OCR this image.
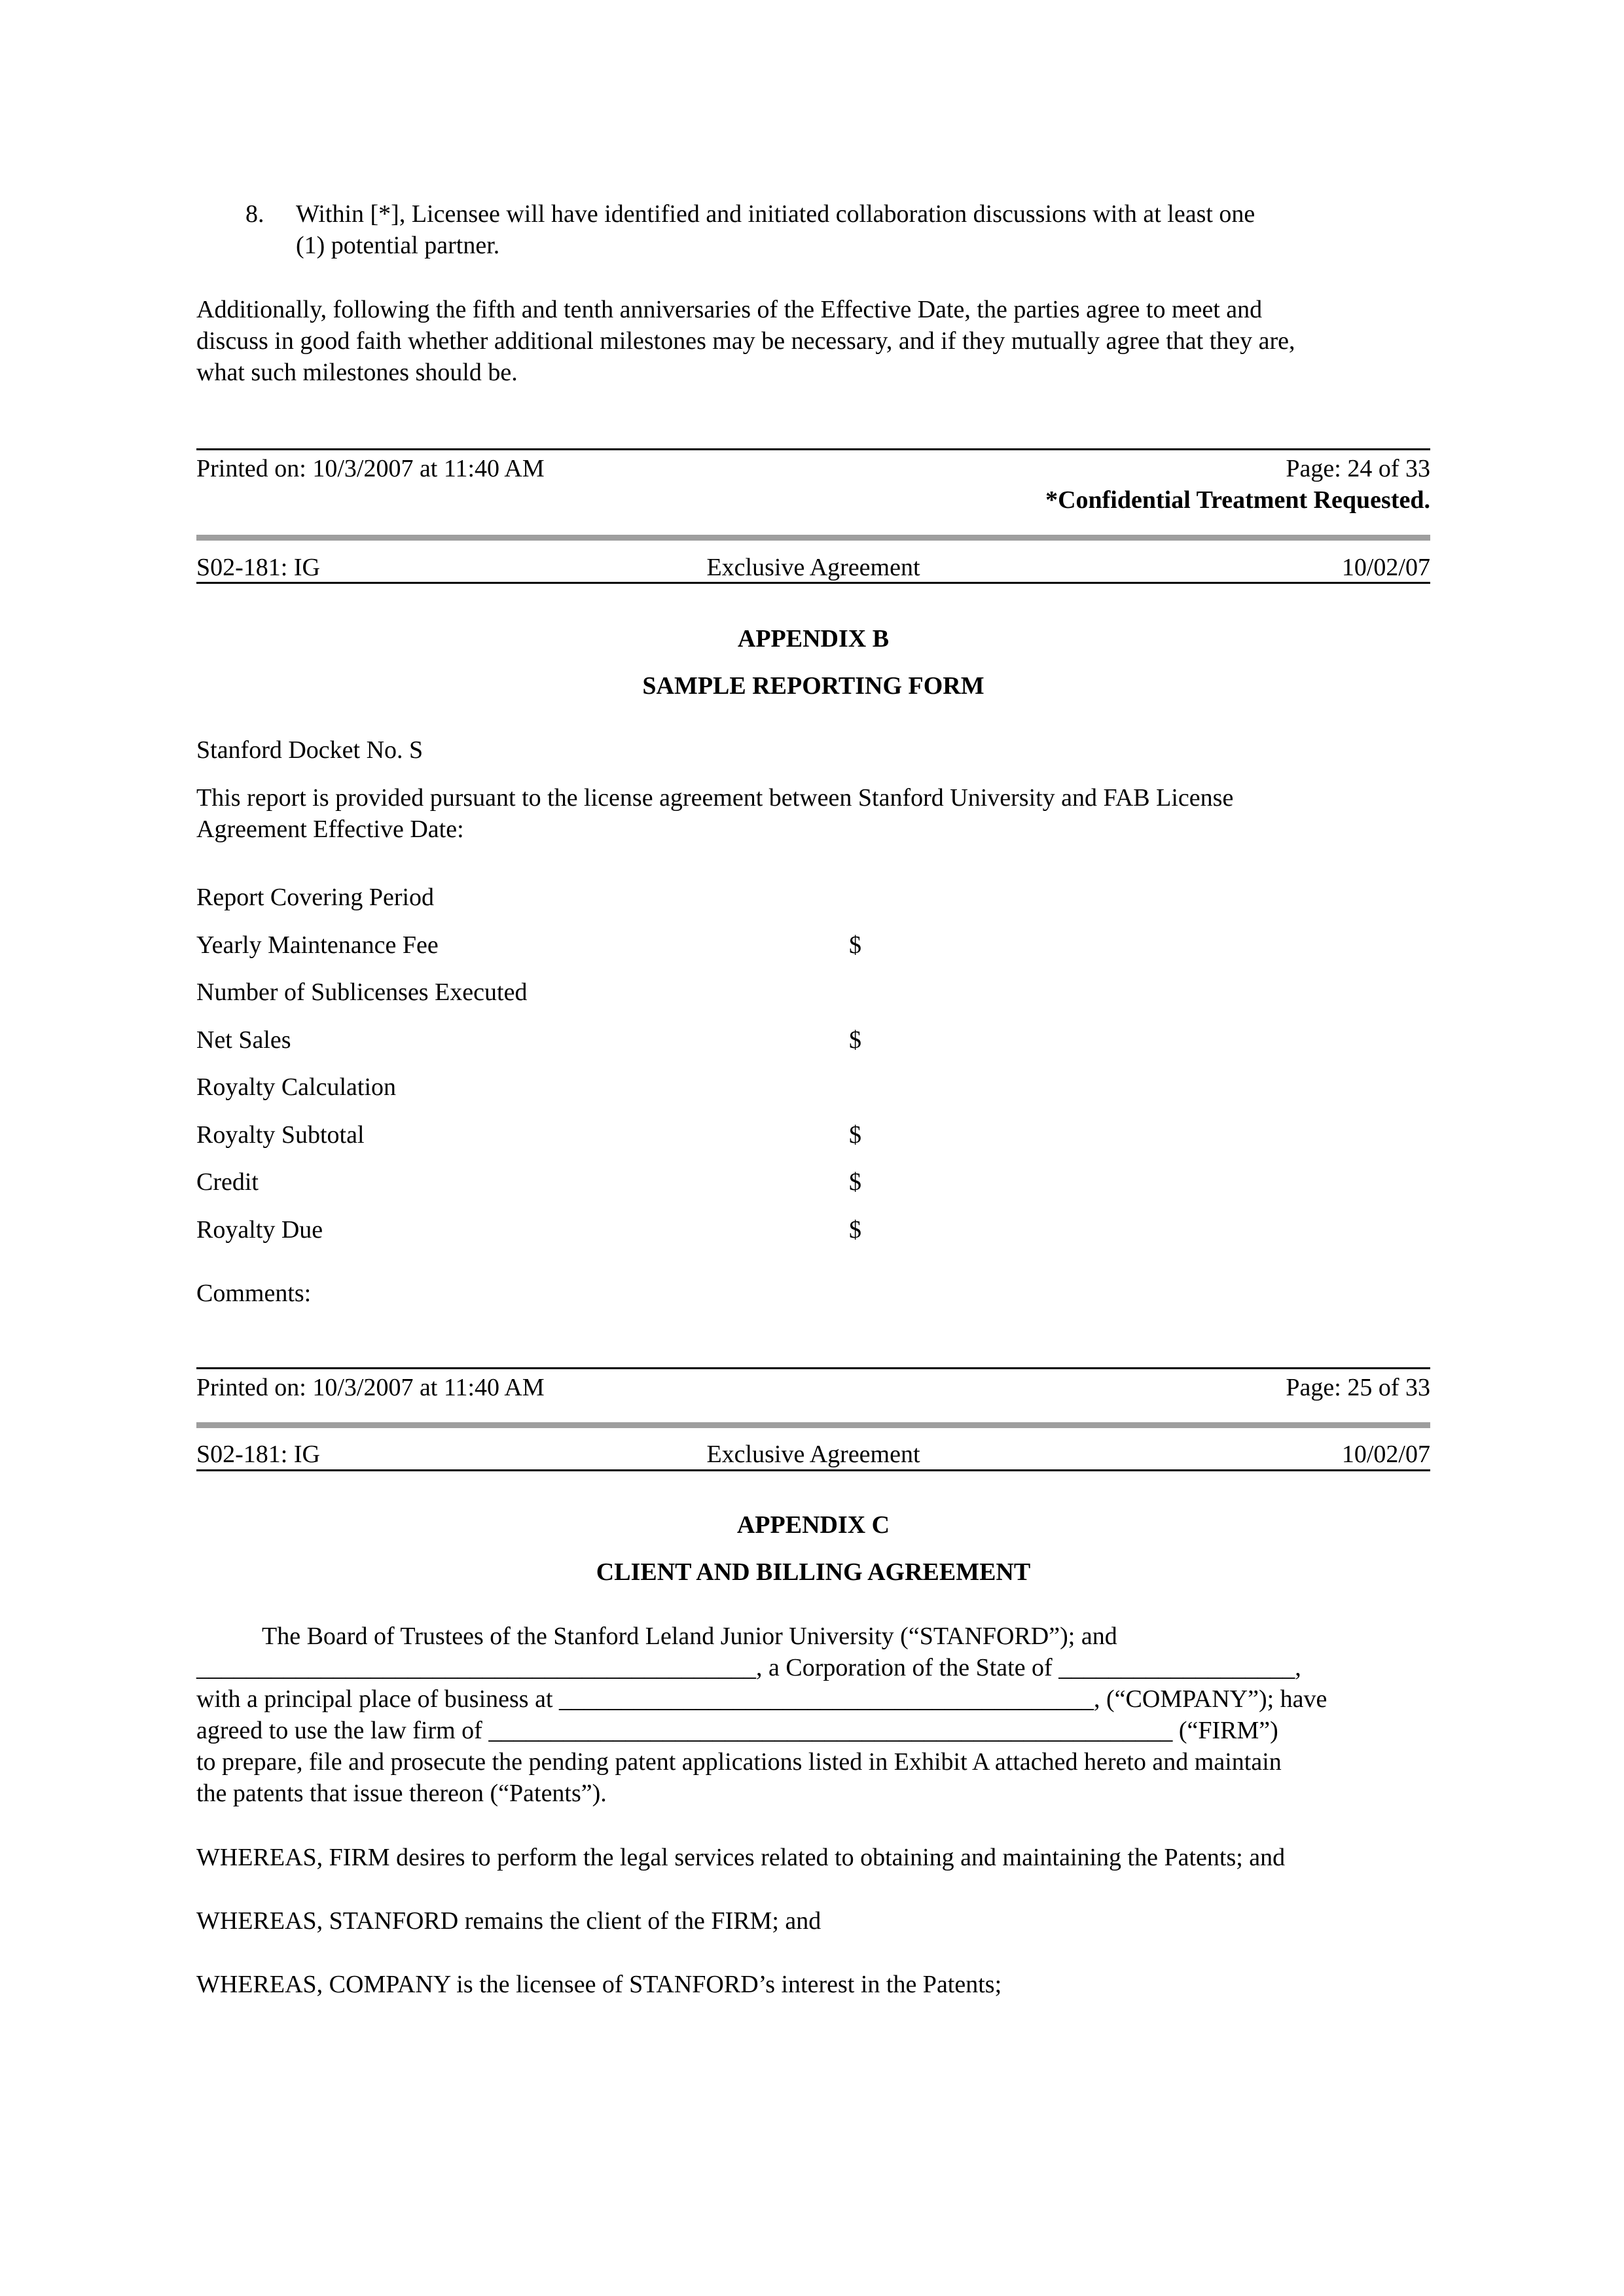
8. Within [*], Licensee will have identified and initiated collaboration discussions with at least one
(1) potential partner.
Additionally, following the fifth and tenth anniversaries of the Effective Date, the parties agree to meet and
discuss in good faith whether additional milestones may be necessary, and if they mutually agree that they are,
what such milestones should be.
Printed on: 10/3/2007 at 11:40 AM	Page: 24 of 33
*Confidential Treatment Requested.
S02-181: IG	Exclusive Agreement	10/02/07
APPENDIX B
SAMPLE REPORTING FORM
Stanford Docket No. S
This report is provided pursuant to the license agreement between Stanford University and FAB License
Agreement Effective Date:
Report Covering Period
Yearly Maintenance Fee	$
Number of Sublicenses Executed
Net Sales	$
Royalty Calculation
Royalty Subtotal	$
Credit	$
Royalty Due	$
Comments:
Printed on: 10/3/2007 at 11:40 AM	Page: 25 of 33
S02-181: IG	Exclusive Agreement	10/02/07
APPENDIX C
CLIENT AND BILLING AGREEMENT
The Board of Trustees of the Stanford Leland Junior University (“STANFORD”); and
_____________________________________________, a Corporation of the State of ___________________,
with a principal place of business at ___________________________________________, (“COMPANY”); have
agreed to use the law firm of _______________________________________________________ (“FIRM”)
to prepare, file and prosecute the pending patent applications listed in Exhibit A attached hereto and maintain
the patents that issue thereon (“Patents”).
WHEREAS, FIRM desires to perform the legal services related to obtaining and maintaining the Patents; and
WHEREAS, STANFORD remains the client of the FIRM; and
WHEREAS, COMPANY is the licensee of STANFORD’s interest in the Patents;
